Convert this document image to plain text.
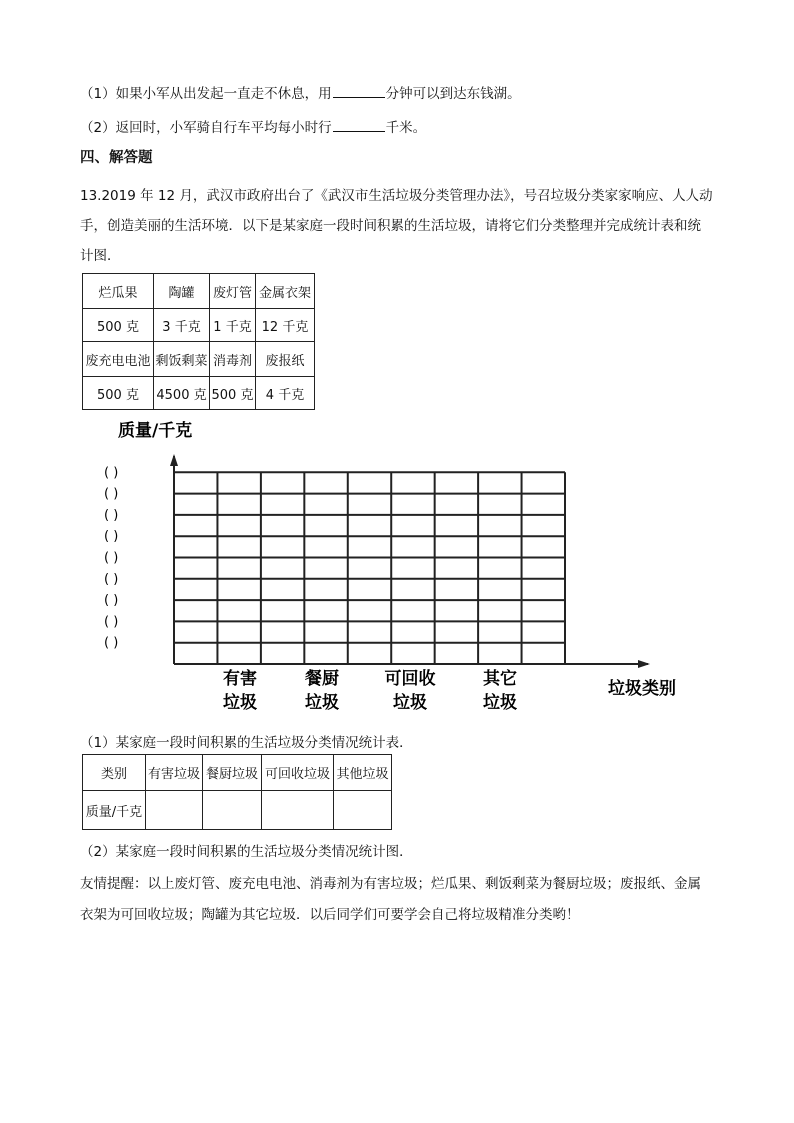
（1）如果小军从出发起一直走不休息，用	分钟可以到达东钱湖。
（2）返回时，小军骑自行车平均每小时行	千米。
四、解答题
13.2019 年 12 月，武汉市政府出台了《武汉市生活垃圾分类管理办法》，号召垃圾分类家家响应、人人动
手，创造美丽的生活环境．以下是某家庭一段时间积累的生活垃圾，请将它们分类整理并完成统计表和统
计图．
烂瓜果	陶罐	废灯管	金属衣架
500 克	3 千克	1 千克	12 千克
废充电电池	剩饭剩菜	消毒剂	废报纸
500 克	4500 克	500 克	4 千克
质量/千克
( )
( )
( )
( )
( )
( )
( )
( )
( )
有害
垃圾
餐厨
垃圾
可回收
垃圾
其它
垃圾
垃圾类别
（1）某家庭一段时间积累的生活垃圾分类情况统计表．
类别	有害垃圾	餐厨垃圾	可回收垃圾	其他垃圾
质量/千克				
（2）某家庭一段时间积累的生活垃圾分类情况统计图．
友情提醒：以上废灯管、废充电电池、消毒剂为有害垃圾；烂瓜果、剩饭剩菜为餐厨垃圾；废报纸、金属
衣架为可回收垃圾；陶罐为其它垃圾．以后同学们可要学会自己将垃圾精准分类哟！
